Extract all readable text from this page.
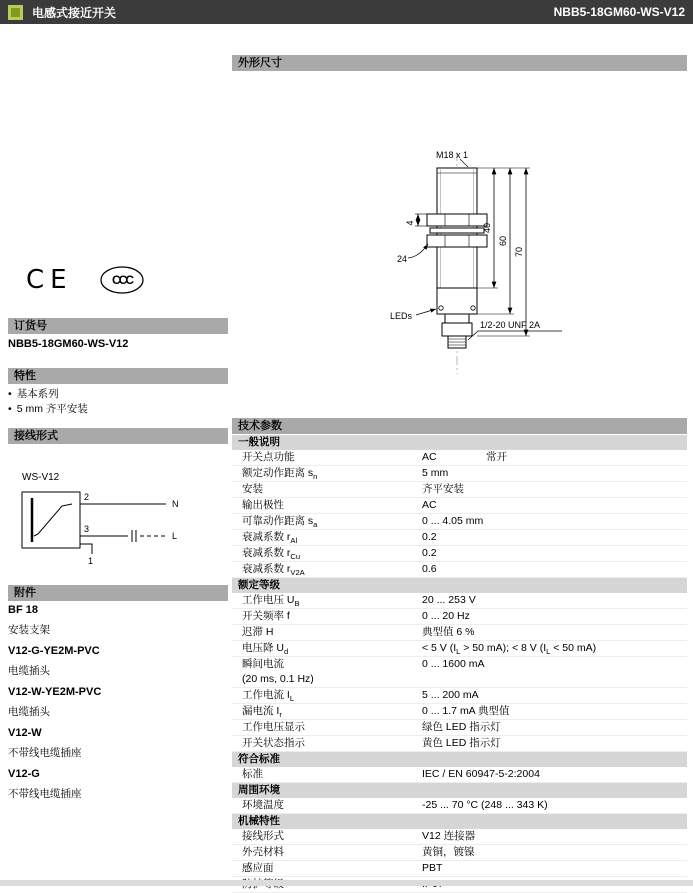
电感式接近开关	NBB5-18GM60-WS-V12
CE	CCC
订货号
NBB5-18GM60-WS-V12
特性
• 基本系列
• 5 mm 齐平安装
接线形式
WS-V12
2
3
1
N
L
附件
BF 18
安装支架
V12-G-YE2M-PVC
电缆插头
V12-W-YE2M-PVC
电缆插头
V12-W
不带线电缆插座
V12-G
不带线电缆插座
外形尺寸
M18 x 1
4
24
LEDs
1/2-20 UNF 2A
40
60
70
技术参数
一般说明
开关点功能	AC	常开
额定动作距离 $s_n$	5 mm
安装	齐平安装
输出极性	AC
可靠动作距离 $s_a$	0 ... 4.05 mm
衰减系数 $r_{Al}$	0.2
衰减系数 $r_{Cu}$	0.2
衰减系数 $r_{V2A}$	0.6
额定等级
工作电压 $U_B$	20 ... 253 V
开关频率 f	0 ... 20 Hz
迟滞 H	典型值 6 %
电压降 $U_d$	< 5 V ($I_L > 50$ mA); < 8 V ($I_L < 50$ mA)
瞬间电流
(20 ms, 0.1 Hz)
0 ... 1600 mA
工作电流 $I_L$	5 ... 200 mA
漏电流 $I_r$	0 ... 1.7 mA 典型值
工作电压显示	绿色 LED 指示灯
开关状态指示	黄色 LED 指示灯
符合标准
标准	IEC / EN 60947-5-2:2004
周围环境
环境温度	-25 ... 70 °C (248 ... 343 K)
机械特性
接线形式	V12 连接器
外壳材料	黄铜，镀镍
感应面	PBT
